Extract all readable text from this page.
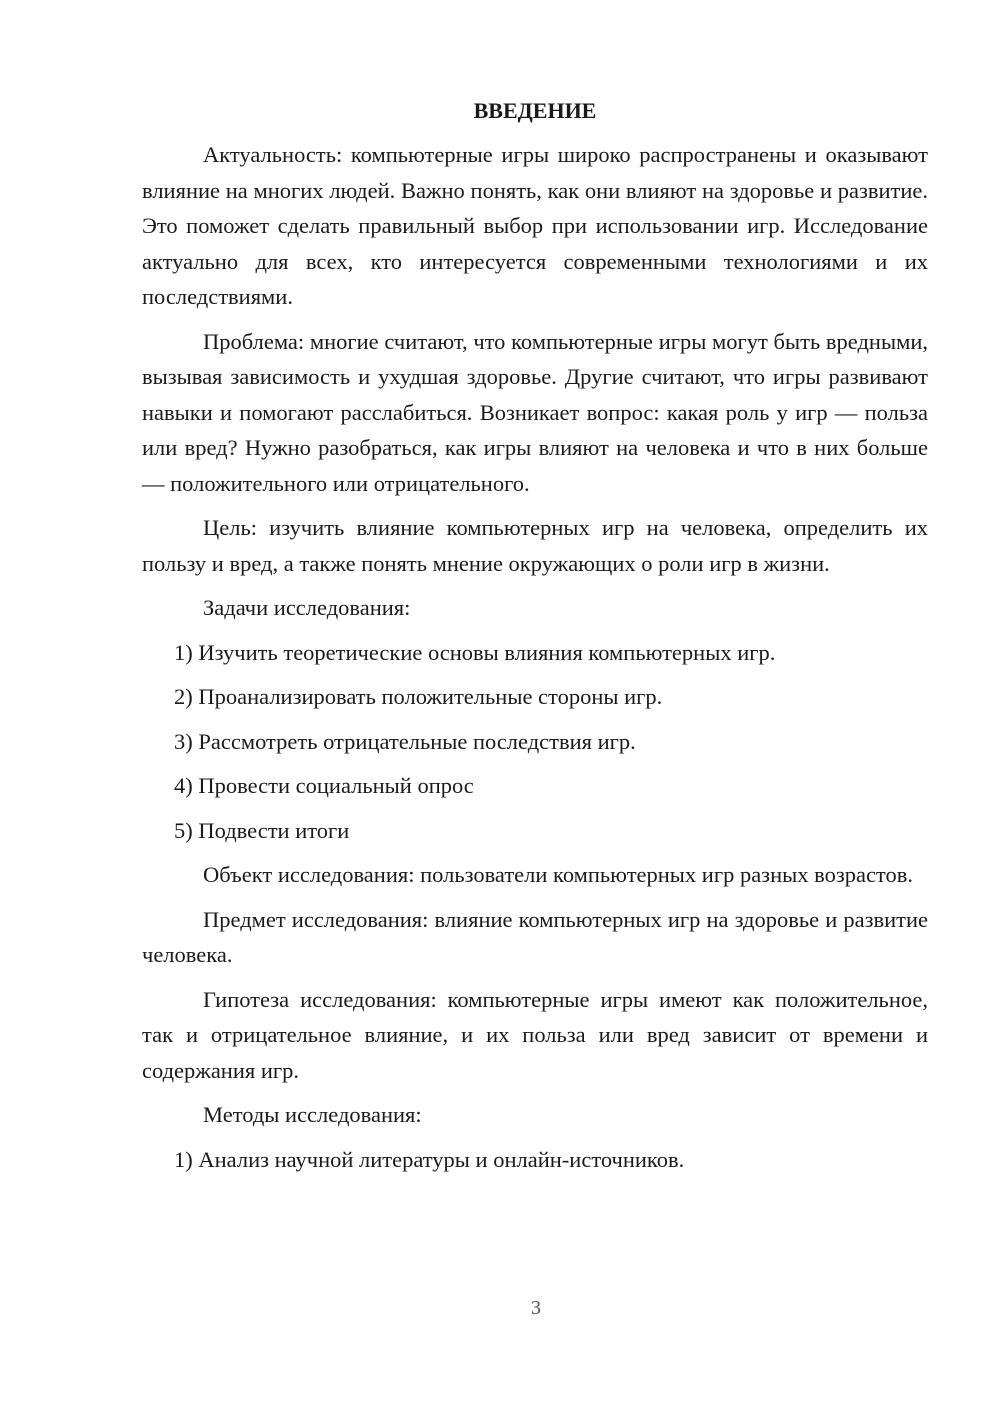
ВВЕДЕНИЕ

Актуальность: компьютерные игры широко распространены и оказывают влияние на многих людей. Важно понять, как они влияют на здоровье и развитие. Это поможет сделать правильный выбор при использовании игр. Исследование актуально для всех, кто интересуется современными технологиями и их последствиями.

Проблема: многие считают, что компьютерные игры могут быть вредными, вызывая зависимость и ухудшая здоровье. Другие считают, что игры развивают навыки и помогают расслабиться. Возникает вопрос: какая роль у игр — польза или вред? Нужно разобраться, как игры влияют на человека и что в них больше — положительного или отрицательного.

Цель: изучить влияние компьютерных игр на человека, определить их пользу и вред, а также понять мнение окружающих о роли игр в жизни.

Задачи исследования:
1) Изучить теоретические основы влияния компьютерных игр.
2) Проанализировать положительные стороны игр.
3) Рассмотреть отрицательные последствия игр.
4) Провести социальный опрос
5) Подвести итоги

Объект исследования: пользователи компьютерных игр разных возрастов.

Предмет исследования: влияние компьютерных игр на здоровье и развитие человека.

Гипотеза исследования: компьютерные игры имеют как положительное, так и отрицательное влияние, и их польза или вред зависит от времени и содержания игр.

Методы исследования:
1) Анализ научной литературы и онлайн-источников.
3
